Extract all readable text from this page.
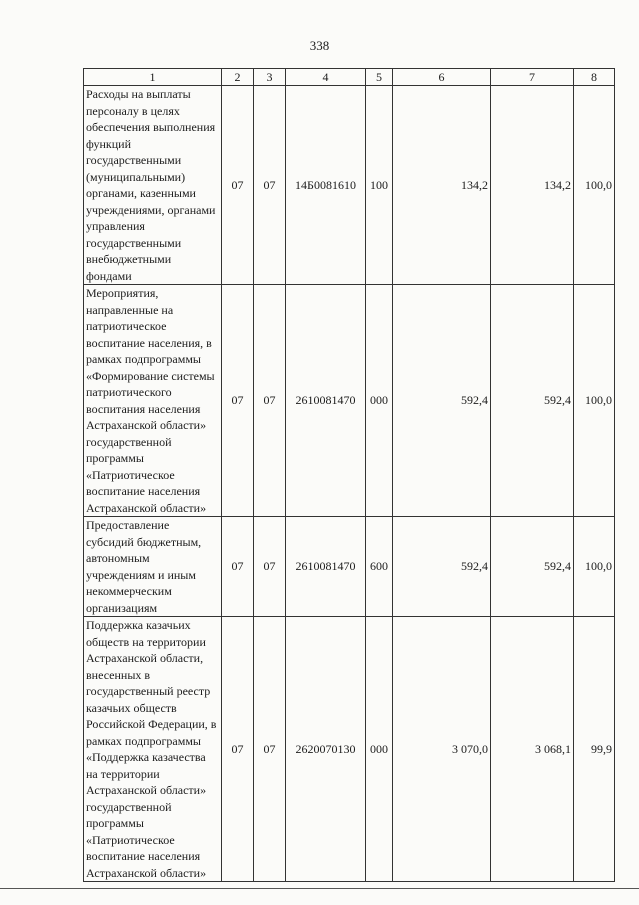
338
1	2	3	4	5	6	7	8
Расходы на выплаты персоналу в целях обеспечения выполнения функций государственными (муниципальными) органами, казенными учреждениями, органами управления государственными внебюджетными фондами	07	07	14Б0081610	100	134,2	134,2	100,0
Мероприятия, направленные на патриотическое воспитание населения, в рамках подпрограммы «Формирование системы патриотического воспитания населения Астраханской области» государственной программы «Патриотическое воспитание населения Астраханской области»	07	07	2610081470	000	592,4	592,4	100,0
Предоставление субсидий бюджетным, автономным учреждениям и иным некоммерческим организациям	07	07	2610081470	600	592,4	592,4	100,0
Поддержка казачьих обществ на территории Астраханской области, внесенных в государственный реестр казачьих обществ Российской Федерации, в рамках подпрограммы «Поддержка казачества на территории Астраханской области» государственной программы «Патриотическое воспитание населения Астраханской области»	07	07	2620070130	000	3 070,0	3 068,1	99,9
